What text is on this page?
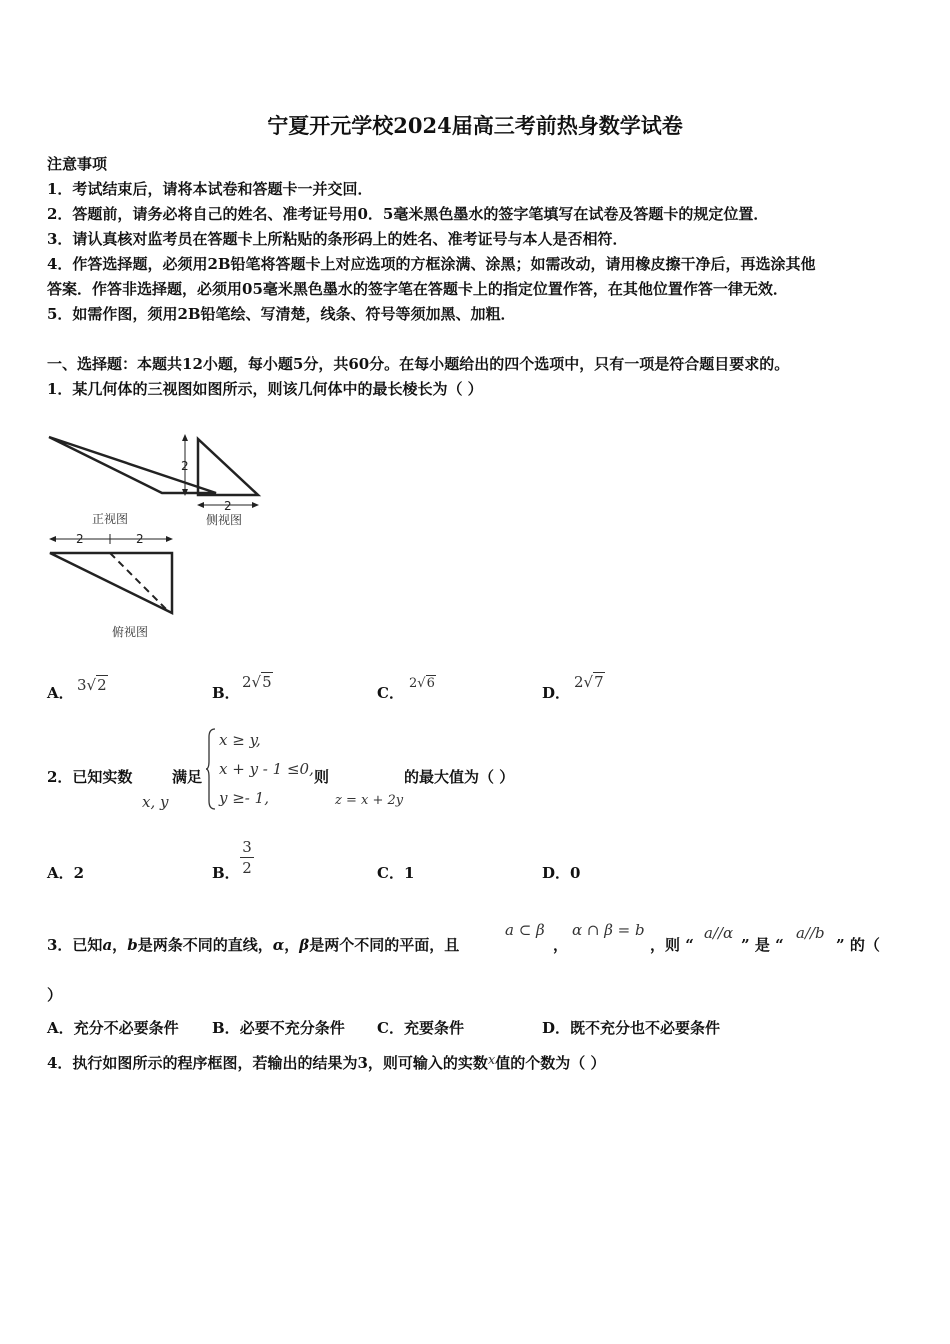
宁夏开元学校2024届高三考前热身数学试卷
注意事项
1．考试结束后，请将本试卷和答题卡一并交回．
2．答题前，请务必将自己的姓名、准考证号用0．5毫米黑色墨水的签字笔填写在试卷及答题卡的规定位置．
3．请认真核对监考员在答题卡上所粘贴的条形码上的姓名、准考证号与本人是否相符．
4．作答选择题，必须用2B铅笔将答题卡上对应选项的方框涂满、涂黑；如需改动，请用橡皮擦干净后，再选涂其他
答案．作答非选择题，必须用05毫米黑色墨水的签字笔在答题卡上的指定位置作答，在其他位置作答一律无效．
5．如需作图，须用2B铅笔绘、写清楚，线条、符号等须加黑、加粗．
一、选择题：本题共12小题，每小题5分，共60分。在每小题给出的四个选项中，只有一项是符合题目要求的。
1．某几何体的三视图如图所示，则该几何体中的最长棱长为（ ）
正视图
2
2
侧视图
2	2
俯视图
A． 3√2	B．
2√5
C．
2√6
D．
2√7
2．已知实数
x, y
满足
x ≥ y,
x + y - 1 ≤0,
y ≥- 1,
则
z = x + 2y
的最大值为（ ）
A．2	B．
3
2	C．1	D．0
3．已知a，b是两条不同的直线，α，β是两个不同的平面，且
a ⊂ β
，
α ∩ β = b
，则 “
a//α
” 是 “
a//b
” 的（
）
A．充分不必要条件 B．必要不充分条件 C．充要条件	D．既不充分也不必要条件
4．执行如图所示的程序框图，若输出的结果为3，则可输入的实数x值的个数为（ ）
